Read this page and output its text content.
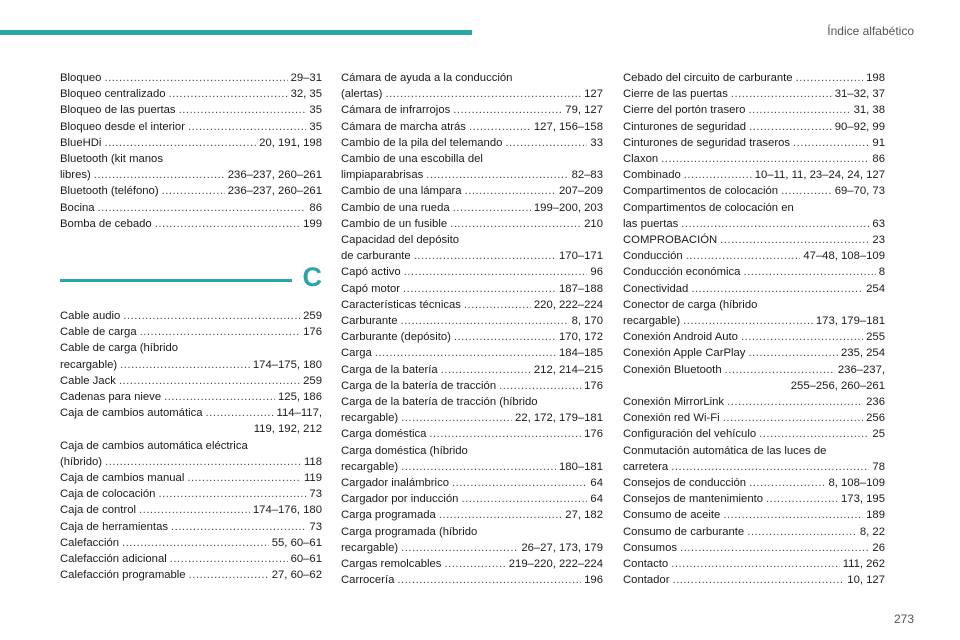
Índice alfabético
Bloqueo .....	29–31
Bloqueo centralizado .....	32, 35
Bloqueo de las puertas .....	35
Bloqueo desde el interior .....	35
BlueHDi .....	20, 191, 198
Bluetooth (kit manos
libres) .....	236–237, 260–261
Bluetooth (teléfono) .....	236–237, 260–261
Bocina .....	86
Bomba de cebado .....	199
C
Cable audio .....	259
Cable de carga .....	176
Cable de carga (híbrido
recargable) .....	174–175, 180
Cable Jack .....	259
Cadenas para nieve .....	125, 186
Caja de cambios automática .....	114–117,
119, 192, 212
Caja de cambios automática eléctrica
(híbrido) .....	118
Caja de cambios manual .....	119
Caja de colocación .....	73
Caja de control .....	174–176, 180
Caja de herramientas .....	73
Calefacción .....	55, 60–61
Calefacción adicional .....	60–61
Calefacción programable .....	27, 60–62
Cámara de ayuda a la conducción
(alertas) .....	127
Cámara de infrarrojos .....	79, 127
Cámara de marcha atrás .....	127, 156–158
Cambio de la pila del telemando .....	33
Cambio de una escobilla del
limpiaparabrisas .....	82–83
Cambio de una lámpara .....	207–209
Cambio de una rueda .....	199–200, 203
Cambio de un fusible .....	210
Capacidad del depósito
de carburante .....	170–171
Capó activo .....	96
Capó motor .....	187–188
Características técnicas .....	220, 222–224
Carburante .....	8, 170
Carburante (depósito) .....	170, 172
Carga .....	184–185
Carga de la batería .....	212, 214–215
Carga de la batería de tracción .....	176
Carga de la batería de tracción (híbrido
recargable) .....	22, 172, 179–181
Carga doméstica .....	176
Carga doméstica (híbrido
recargable) .....	180–181
Cargador inalámbrico .....	64
Cargador por inducción .....	64
Carga programada .....	27, 182
Carga programada (híbrido
recargable) .....	26–27, 173, 179
Cargas remolcables .....	219–220, 222–224
Carrocería .....	196
Cebado del circuito de carburante .....	198
Cierre de las puertas .....	31–32, 37
Cierre del portón trasero .....	31, 38
Cinturones de seguridad .....	90–92, 99
Cinturones de seguridad traseros .....	91
Claxon .....	86
Combinado .....	10–11, 11, 23–24, 24, 127
Compartimentos de colocación .....	69–70, 73
Compartimentos de colocación en
las puertas .....	63
COMPROBACIÓN .....	23
Conducción .....	47–48, 108–109
Conducción económica .....	8
Conectividad .....	254
Conector de carga (híbrido
recargable) .....	173, 179–181
Conexión Android Auto .....	255
Conexión Apple CarPlay .....	235, 254
Conexión Bluetooth .....	236–237,
255–256, 260–261
Conexión MirrorLink .....	236
Conexión red Wi-Fi .....	256
Configuración del vehículo .....	25
Conmutación automática de las luces de
carretera .....	78
Consejos de conducción .....	8, 108–109
Consejos de mantenimiento .....	173, 195
Consumo de aceite .....	189
Consumo de carburante .....	8, 22
Consumos .....	26
Contacto .....	111, 262
Contador .....	10, 127
273
